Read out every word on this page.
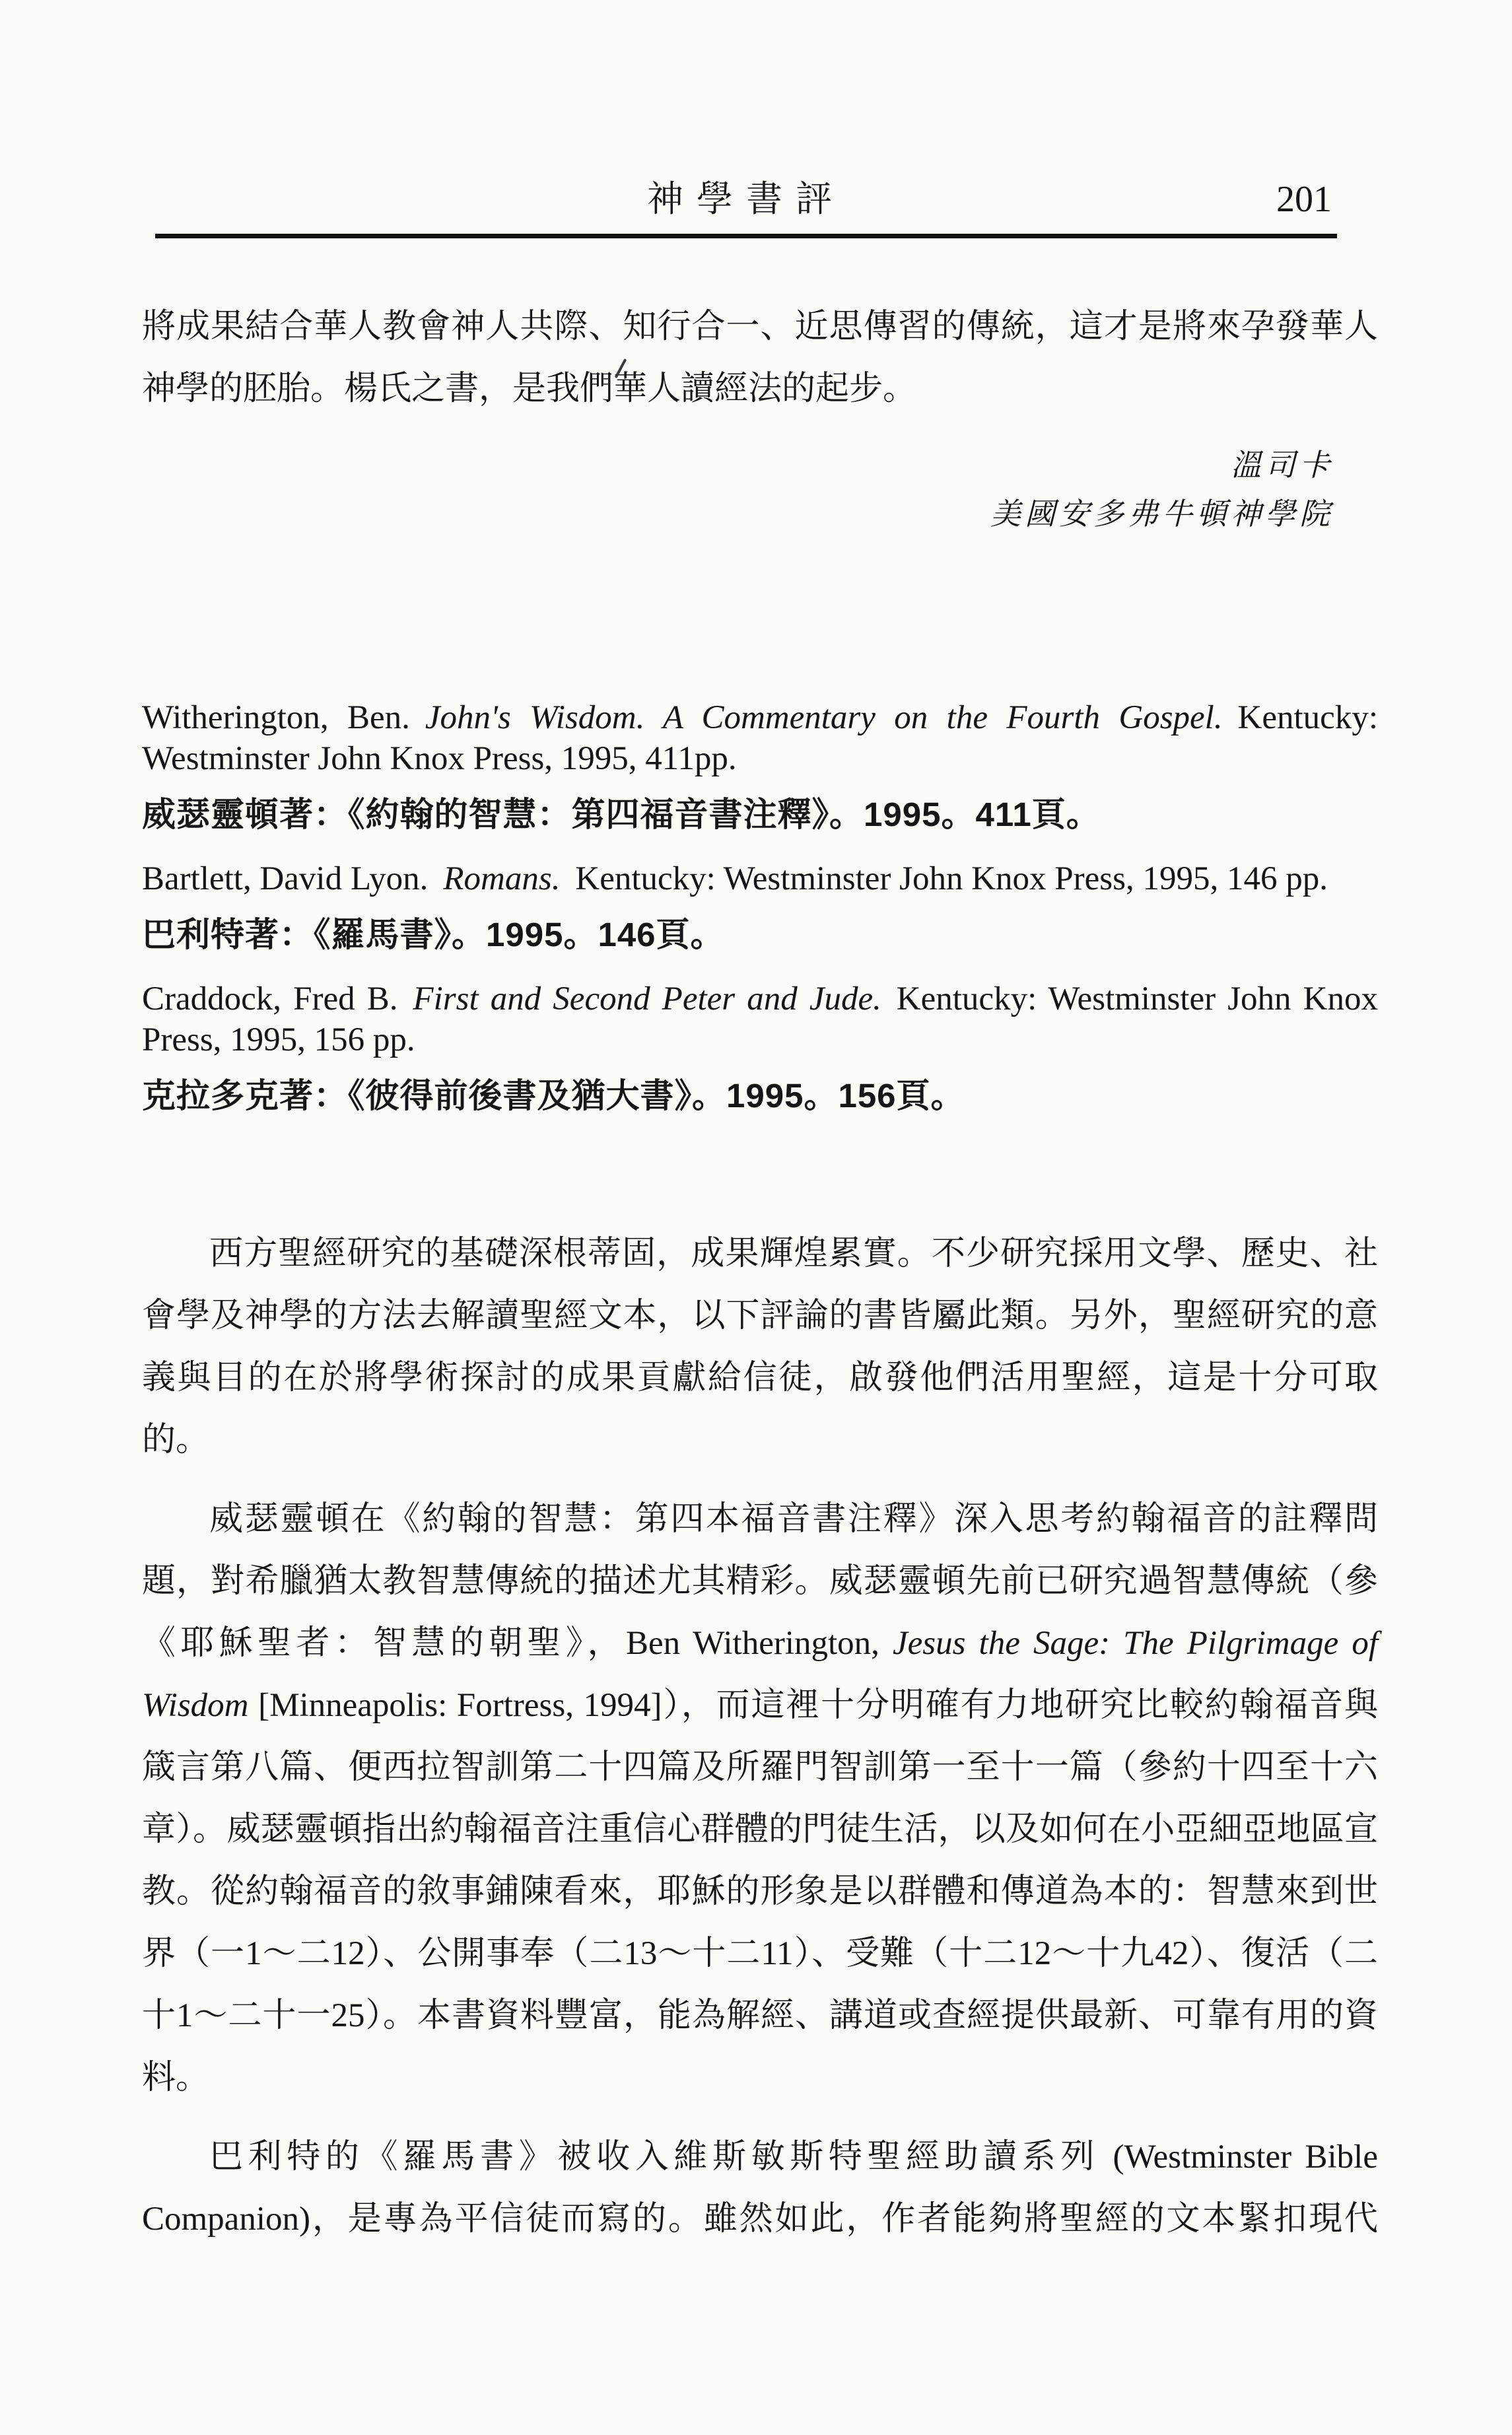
神學書評	201

將成果結合華人教會神人共際、知行合一、近思傳習的傳統，這才是將來孕發華人神學的胚胎。楊氏之書，是我們華人讀經法的起步。

溫司卡
美國安多弗牛頓神學院

Witherington, Ben. John's Wisdom. A Commentary on the Fourth Gospel. Kentucky: Westminster John Knox Press, 1995, 411pp.

威瑟靈頓著：《約翰的智慧：第四福音書注釋》。1995。411頁。

Bartlett, David Lyon. Romans. Kentucky: Westminster John Knox Press, 1995, 146 pp.

巴利特著：《羅馬書》。1995。146頁。

Craddock, Fred B. First and Second Peter and Jude. Kentucky: Westminster John Knox Press, 1995, 156 pp.

克拉多克著：《彼得前後書及猶大書》。1995。156頁。

西方聖經研究的基礎深根蒂固，成果輝煌累實。不少研究採用文學、歷史、社會學及神學的方法去解讀聖經文本，以下評論的書皆屬此類。另外，聖經研究的意義與目的在於將學術探討的成果貢獻給信徒，啟發他們活用聖經，這是十分可取的。

威瑟靈頓在《約翰的智慧：第四本福音書注釋》深入思考約翰福音的註釋問題，對希臘猶太教智慧傳統的描述尤其精彩。威瑟靈頓先前已研究過智慧傳統（參《耶穌聖者：智慧的朝聖》，Ben Witherington, Jesus the Sage: The Pilgrimage of Wisdom [Minneapolis: Fortress, 1994]），而這裡十分明確有力地研究比較約翰福音與箴言第八篇、便西拉智訓第二十四篇及所羅門智訓第一至十一篇（參約十四至十六章）。威瑟靈頓指出約翰福音注重信心群體的門徒生活，以及如何在小亞細亞地區宣教。從約翰福音的敘事鋪陳看來，耶穌的形象是以群體和傳道為本的：智慧來到世界（一1～二12）、公開事奉（二13～十二11）、受難（十二12～十九42）、復活（二十1～二十一25）。本書資料豐富，能為解經、講道或查經提供最新、可靠有用的資料。

巴利特的《羅馬書》被收入維斯敏斯特聖經助讀系列 (Westminster Bible Companion)，是專為平信徒而寫的。雖然如此，作者能夠將聖經的文本緊扣現代
